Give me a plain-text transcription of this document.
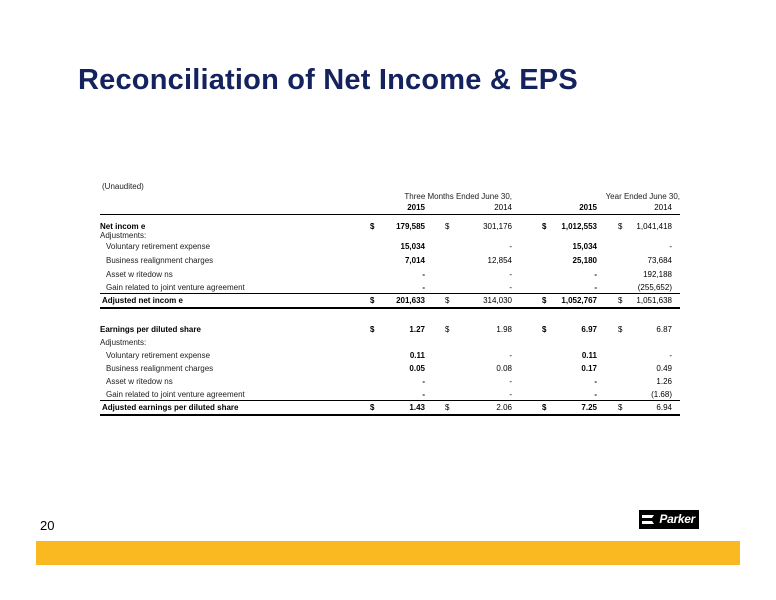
Reconciliation of Net Income & EPS
(Unaudited)
Three Months Ended June 30,	Year Ended June 30,
2015	2014	2015	2014
Net incom e	$	179,585	$	301,176	$	1,012,553	$	1,041,418
Adjustments:
Voluntary retirement expense	15,034	-	15,034	-
Business realignment charges	7,014	12,854	25,180	73,684
Asset w ritedow ns	-	-	-	192,188
Gain related to joint venture agreement	-	-	-	(255,652)
Adjusted net incom e	$	201,633	$	314,030	$	1,052,767	$	1,051,638
Earnings per diluted share	$	1.27	$	1.98	$	6.97	$	6.87
Adjustments:
Voluntary retirement expense	0.11	-	0.11	-
Business realignment charges	0.05	0.08	0.17	0.49
Asset w ritedow ns	-	-	-	1.26
Gain related to joint venture agreement	-	-	-	(1.68)
Adjusted earnings per diluted share	$	1.43	$	2.06	$	7.25	$	6.94
20	Parker
